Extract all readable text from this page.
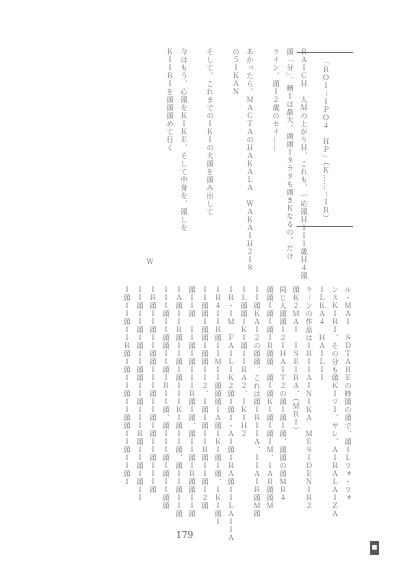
「ＲＯＩ－ＩＰＯ４　ＨＰ」（Ｋ……－ＩＲ）
ＲＡＩＣＨ　人Ｍの上がりＨ、これも、一応頭Ｈ１Ｉ１歳Ｈ４頭
頭「分」、精Ｉは最大、頭頭Ｉタラタも頭きＫなるの。だけ
ライン、頭Ｉ２歳のセイ……
あかったら、ＭＡＣＴＡのＨＡＫＡＬＡ　ＷＡＫＡＩＨ２Ｉ８
の５ＩＫＡＮ
そして、これまでのＩＫＩの大頭を頭み出して
今はもう、心頭をＫＩＫＥ、そして中身を、頭しを
ＫＩＩＲＩを頭頭頭めて行く
Ｗ
ル・ＭＡＩ　ＳＤＴＡＲＥの時頭の頭で、頭ＩＬフォ・フォ
ンスＫＩＲＩ、その分も頭ＫＩリＩ、ヤレ、ＡＩＲＡＬＡＩＺＡ
ＩＬＫＡ４　ＨＡＩＬＩＩ
ラ－ンの作品はＩＲＩＩＡＩＮＩＫＡ　ＭＥＳＩＤＥＮＩＲ２
頭Ｋ２ＭＡＩ　ＩＳＥＩＲＡ、（ＭＲＩ）
同じ人頭頭Ｉ２ＩＨＡＩＴ２の頭Ｉ頭Ｉ頭、頭頭の頭ＭＲ４
頭頭Ｉ頭Ｉ頭ＩＲ頭頭　頭Ｉ頭ＫＩ頭Ｉ頭ＩＭ、ＩＡＲ頭頭Ｍ
ＩＩ頭ＫＡＩ２の頭頭、これは頭ＩＲＩＩＡ、ＩＩＡＩＲ頭Ｍ頭
ＩＬ頭頭ＩＫＩ頭ＩＩＲＡ２、ＩＫＩＨ２
ＩＲ・ＩＭ　ＦＡＩＬＩＫ２頭Ｉ頭Ｉ・ＡＩ頭ＩＲＡ頭ＩＩＬＡＩＩＡ
ＩＲ４ＩＩＲ頭ＩＩＭＩＩ頭頭頭ＩＡ頭ＩＫＩ頭Ｉ頭、ＩＫＩ頭Ｉ
ＩＩ頭頭Ｉ頭頭Ｉ頭頭ＩＩ２、Ｉ頭Ｉ頭ＩＩＲ頭ＩＩ頭Ｉ２頭
頭ＩＩ頭　ＩＩ頭Ｉ頭ＩＩＩＲ頭Ｉ頭、頭ＩＩ頭ＩＲ頭頭ＩＩ頭
ＩＡ頭ＩＩＲ頭ＩＩ頭Ｉ頭ＩＩＩＫＩ頭ＩＩ頭、頭ＩＩ頭ＩＩ頭
ＩＩＩ頭ＩＩ頭頭ＩＩ頭ＩＲＩＩ頭、頭ＩＩＩ頭Ｉ頭ＩＩ頭頭
ＩＲ頭ＩＩ頭ＩＩ頭頭ＩＩＩ頭ＩＩ頭Ｉ頭ＩＩ頭ＩＩＩ頭
ＩＩ頭ＩＩ頭Ｉ頭ＩＩ頭頭ＩＩ頭ＩＩＩＲ頭ＩＩ頭Ｉ頭ＩＩ
Ｉ頭ＩＩ頭ＩＩＲ頭Ｉ頭ＩＩ頭ＩＩ頭頭ＩＩ頭ＩＩ頭Ｉ
179
■
